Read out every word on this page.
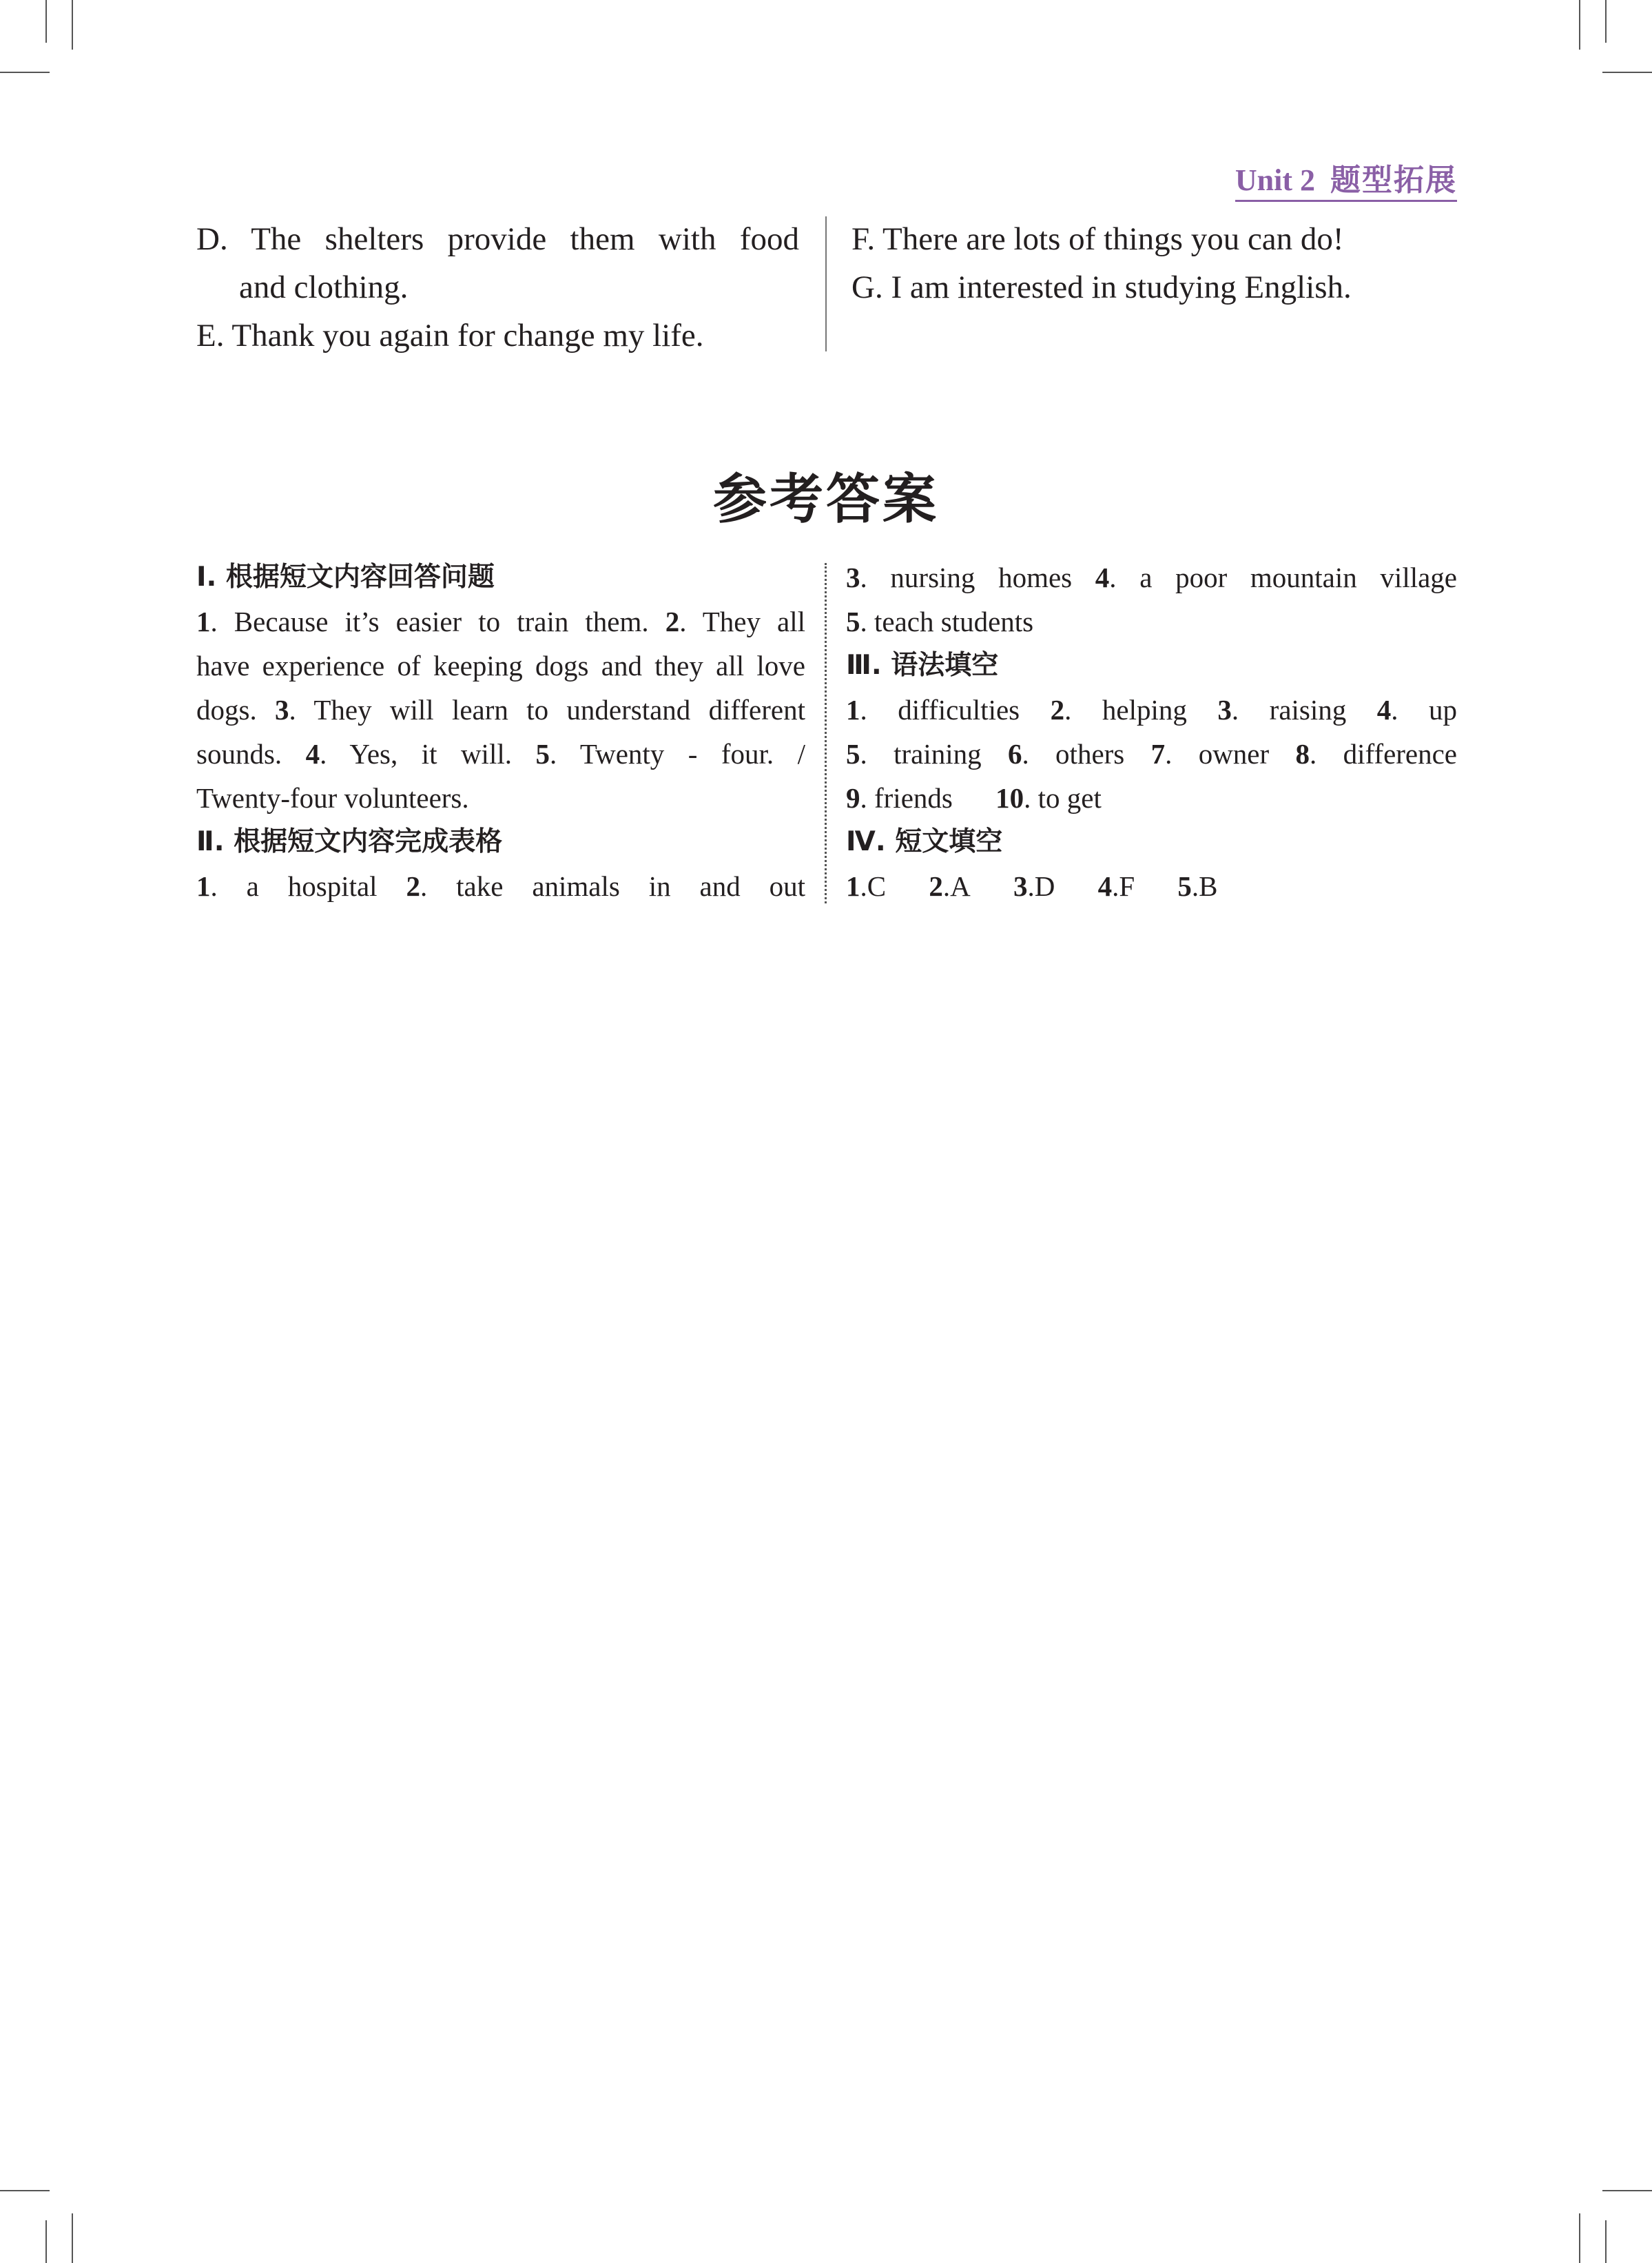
Unit 2 题型拓展
D. The shelters provide them with food
and clothing.
E. Thank you again for change my life.
F. There are lots of things you can do!
G. I am interested in studying English.
参考答案
Ⅰ. 根据短文内容回答问题
1. Because it’s easier to train them. 2. They all
have experience of keeping dogs and they all love
dogs. 3. They will learn to understand different
sounds. 4. Yes, it will. 5. Twenty - four. /
Twenty-four volunteers.
Ⅱ. 根据短文内容完成表格
1. a hospital 2. take animals in and out
3. nursing homes 4. a poor mountain village
5. teach students
Ⅲ. 语法填空
1. difficulties 2. helping 3. raising 4. up
5. training 6. others 7. owner 8. difference
9. friends 10. to get
Ⅳ. 短文填空
1.C 2.A 3.D 4.F 5.B
